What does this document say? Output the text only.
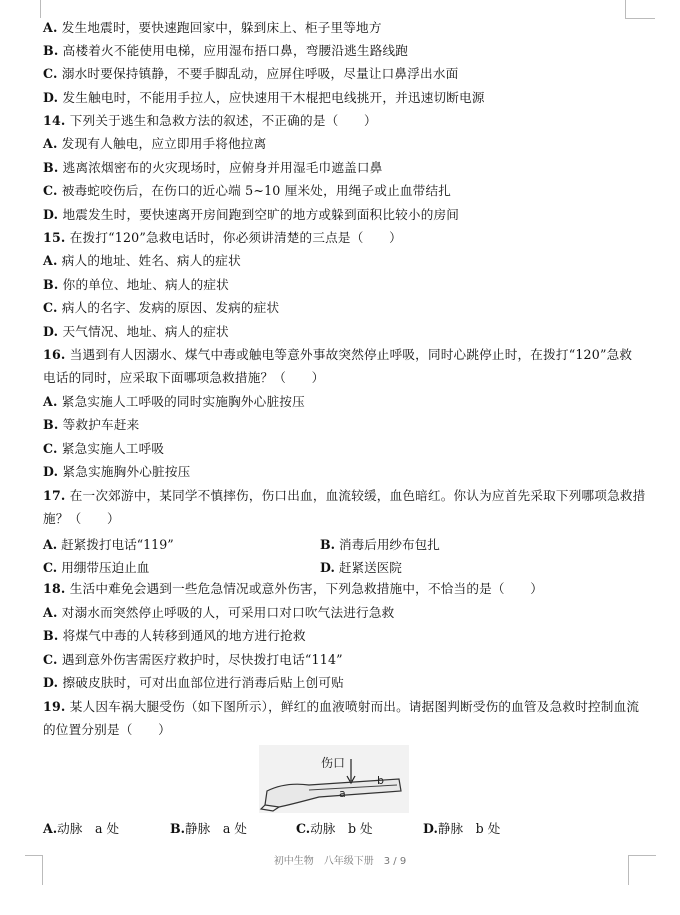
A. 发生地震时，要快速跑回家中，躲到床上、柜子里等地方
B. 高楼着火不能使用电梯，应用湿布捂口鼻，弯腰沿逃生路线跑
C. 溺水时要保持镇静，不要手脚乱动，应屏住呼吸，尽量让口鼻浮出水面
D. 发生触电时，不能用手拉人，应快速用干木棍把电线挑开，并迅速切断电源
14. 下列关于逃生和急救方法的叙述，不正确的是（　　）
A. 发现有人触电，应立即用手将他拉离
B. 逃离浓烟密布的火灾现场时，应俯身并用湿毛巾遮盖口鼻
C. 被毒蛇咬伤后，在伤口的近心端 5~10 厘米处，用绳子或止血带结扎
D. 地震发生时，要快速离开房间跑到空旷的地方或躲到面积比较小的房间
15. 在拨打“120”急救电话时，你必须讲清楚的三点是（　　）
A. 病人的地址、姓名、病人的症状
B. 你的单位、地址、病人的症状
C. 病人的名字、发病的原因、发病的症状
D. 天气情况、地址、病人的症状
16. 当遇到有人因溺水、煤气中毒或触电等意外事故突然停止呼吸，同时心跳停止时，在拨打“120”急救
电话的同时，应采取下面哪项急救措施？（　　）
A. 紧急实施人工呼吸的同时实施胸外心脏按压
B. 等救护车赶来
C. 紧急实施人工呼吸
D. 紧急实施胸外心脏按压
17. 在一次郊游中，某同学不慎摔伤，伤口出血，血流较缓，血色暗红。你认为应首先采取下列哪项急救措
施？（　　）
A. 赶紧拨打电话“119”	B. 消毒后用纱布包扎
C. 用绷带压迫止血	D. 赶紧送医院
18. 生活中难免会遇到一些危急情况或意外伤害，下列急救措施中，不恰当的是（　　）
A. 对溺水而突然停止呼吸的人，可采用口对口吹气法进行急救
B. 将煤气中毒的人转移到通风的地方进行抢救
C. 遇到意外伤害需医疗救护时，尽快拨打电话“114”
D. 擦破皮肤时，可对出血部位进行消毒后贴上创可贴
19. 某人因车祸大腿受伤（如下图所示），鲜红的血液喷射而出。请据图判断受伤的血管及急救时控制血流
的位置分别是（　　）
伤口
a
b
A.动脉　a 处	B.静脉　a 处	C.动脉　b 处	D.静脉　b 处
初中生物　八年级下册　3 / 9
